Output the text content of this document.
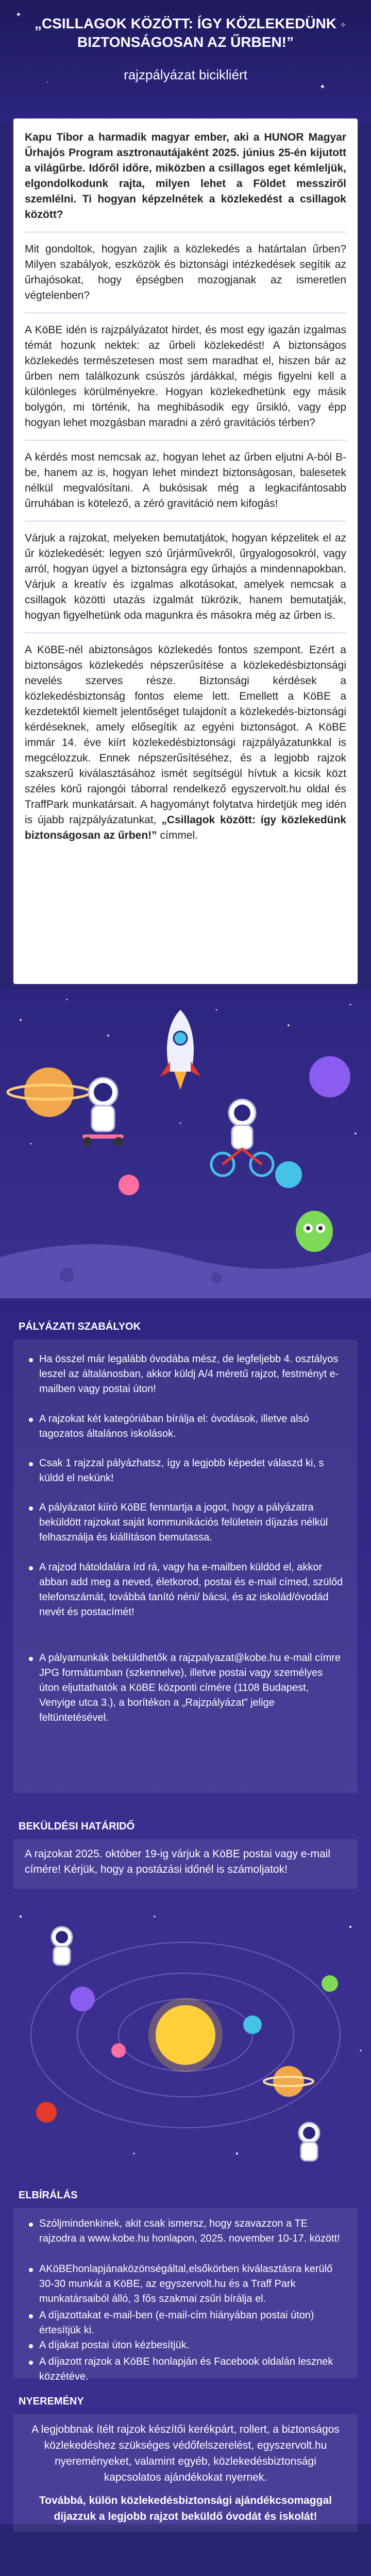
✦
✧
·
✦
„CSILLAGOK KÖZÖTT: ÍGY KÖZLEKEDÜNK
BIZTONSÁGOSAN AZ ŰRBEN!”
rajzpályázat bicikliért

Kapu Tibor a harmadik magyar ember, aki a HUNOR Magyar Űrhajós Program asztronautájaként 2025. június 25-én kijutott a világűrbe. Időről időre, miközben a csillagos eget kémleljük, elgondolkodunk rajta, milyen lehet a Földet messziről szemlélni. Ti hogyan képzelnétek a közlekedést a csillagok között?

Mit gondoltok, hogyan zajlik a közlekedés a határtalan űrben? Milyen szabályok, eszközök és biztonsági intézkedések segítik az űrhajósokat, hogy épségben mozogjanak az ismeretlen végtelenben?

A KöBE idén is rajzpályázatot hirdet, és most egy igazán izgalmas témát hozunk nektek: az űrbeli közlekedést! A biztonságos közlekedés természetesen most sem maradhat el, hiszen bár az űrben nem találkozunk csúszós járdákkal, mégis figyelni kell a különleges körülményekre. Hogyan közlekedhetünk egy másik bolygón, mi történik, ha meghibásodik egy űrsikló, vagy épp hogyan lehet mozgásban maradni a zéró gravitációs térben?

A kérdés most nemcsak az, hogyan lehet az űrben eljutni A-ból B-be, hanem az is, hogyan lehet mindezt biztonságosan, balesetek nélkül megvalósítani. A bukósisak még a legkacifántosabb űrruhában is kötelező, a zéró gravitáció nem kifogás!

Várjuk a rajzokat, melyeken bemutatjátok, hogyan képzelitek el az űr közlekedését: legyen szó űrjárművekről, űrgyalogosokról, vagy arról, hogyan ügyel a biztonságra egy űrhajós a mindennapokban. Várjuk a kreatív és izgalmas alkotásokat, amelyek nemcsak a csillagok közötti utazás izgalmát tükrözik, hanem bemutatják, hogyan figyelhetünk oda magunkra és másokra még az űrben is.

A KöBE-nél abiztonságos közlekedés fontos szempont. Ezért a biztonságos közlekedés népszerűsítése a közlekedésbiztonsági nevelés szerves része. Biztonsági kérdések a közlekedésbiztonság fontos eleme lett. Emellett a KöBE a kezdetektől kiemelt jelentőséget tulajdonít a közlekedés-biztonsági kérdéseknek, amely elősegítik az egyéni biztonságot. A KöBE immár 14. éve kiírt közlekedésbiztonsági rajzpályázatunkkal is megcélozzuk. Ennek népszerűsítéséhez, és a legjobb rajzok szakszerű kiválasztásához ismét segítségül hívtuk a kicsik közt széles körű rajongói táborral rendelkező egyszervolt.hu oldal és TraffPark munkatársait. A hagyományt folytatva hirdetjük meg idén is újabb rajzpályázatunkat, „Csillagok között: így közlekedünk biztonságosan az űrben!” címmel.

PÁLYÁZATI SZABÁLYOK
Ha összel már legalább óvodába mész, de legfeljebb 4. osztályos leszel az általánosban, akkor küldj A/4 méretű rajzot, festményt e-mailben vagy postai úton!
A rajzokat két kategóriában bírálja el: óvodások, illetve alsó tagozatos általános iskolások.
Csak 1 rajzzal pályázhatsz, így a legjobb képedet válaszd ki, s küldd el nekünk!
A pályázatot kiíró KöBE fenntartja a jogot, hogy a pályázatra beküldött rajzokat saját kommunikációs felületein díjazás nélkül felhasználja és kiállításon bemutassa.
A rajzod hátoldalára írd rá, vagy ha e-mailben küldöd el, akkor abban add meg a neved, életkorod, postai és e-mail címed, szülőd telefonszámát, továbbá tanító néni/ bácsi, és az iskolád/óvodád nevét és postacímét!
A pályamunkák beküldhetők a rajzpalyazat@kobe.hu e-mail címre JPG formátumban (szkennelve), illetve postai vagy személyes úton eljuttathatók a KöBE központi címére (1108 Budapest, Venyige utca 3.), a borítékon a „Rajzpályázat” jelige feltüntetésével.
BEKÜLDÉSI HATÁRIDŐ
A rajzokat 2025. október 19-ig várjuk a KöBE postai vagy e-mail címére! Kérjük, hogy a postázási időnél is számoljatok!
ELBÍRÁLÁS
Szóljmindenkinek, akit csak ismersz, hogy szavazzon a TE rajzodra a www.kobe.hu honlapon, 2025. november 10-17. között!
AKöBEhonlapjánaközönségáltal,elsőkörben kiválasztásra kerülő 30-30 munkát a KöBE, az egyszervolt.hu és a Traff Park munkatársaiból álló, 3 fős szakmai zsűri bírálja el.
A díjazottakat e-mail-ben (e-mail-cím hiányában postai úton) értesítjük ki.
A díjakat postai úton kézbesítjük.
A díjazott rajzok a KöBE honlapján és Facebook oldalán lesznek közzétéve.
NYEREMÉNY

A legjobbnak ítélt rajzok készítői kerékpárt, rollert, a biztonságos közlekedéshez szükséges védőfelszerelést, egyszervolt.hu nyereményeket, valamint egyéb, közlekedésbiztonsági kapcsolatos ajándékokat nyernek.

Továbbá, külön közlekedésbiztonsági ajándékcsomaggal díjazzuk a legjobb rajzot beküldő óvodát és iskolát!
